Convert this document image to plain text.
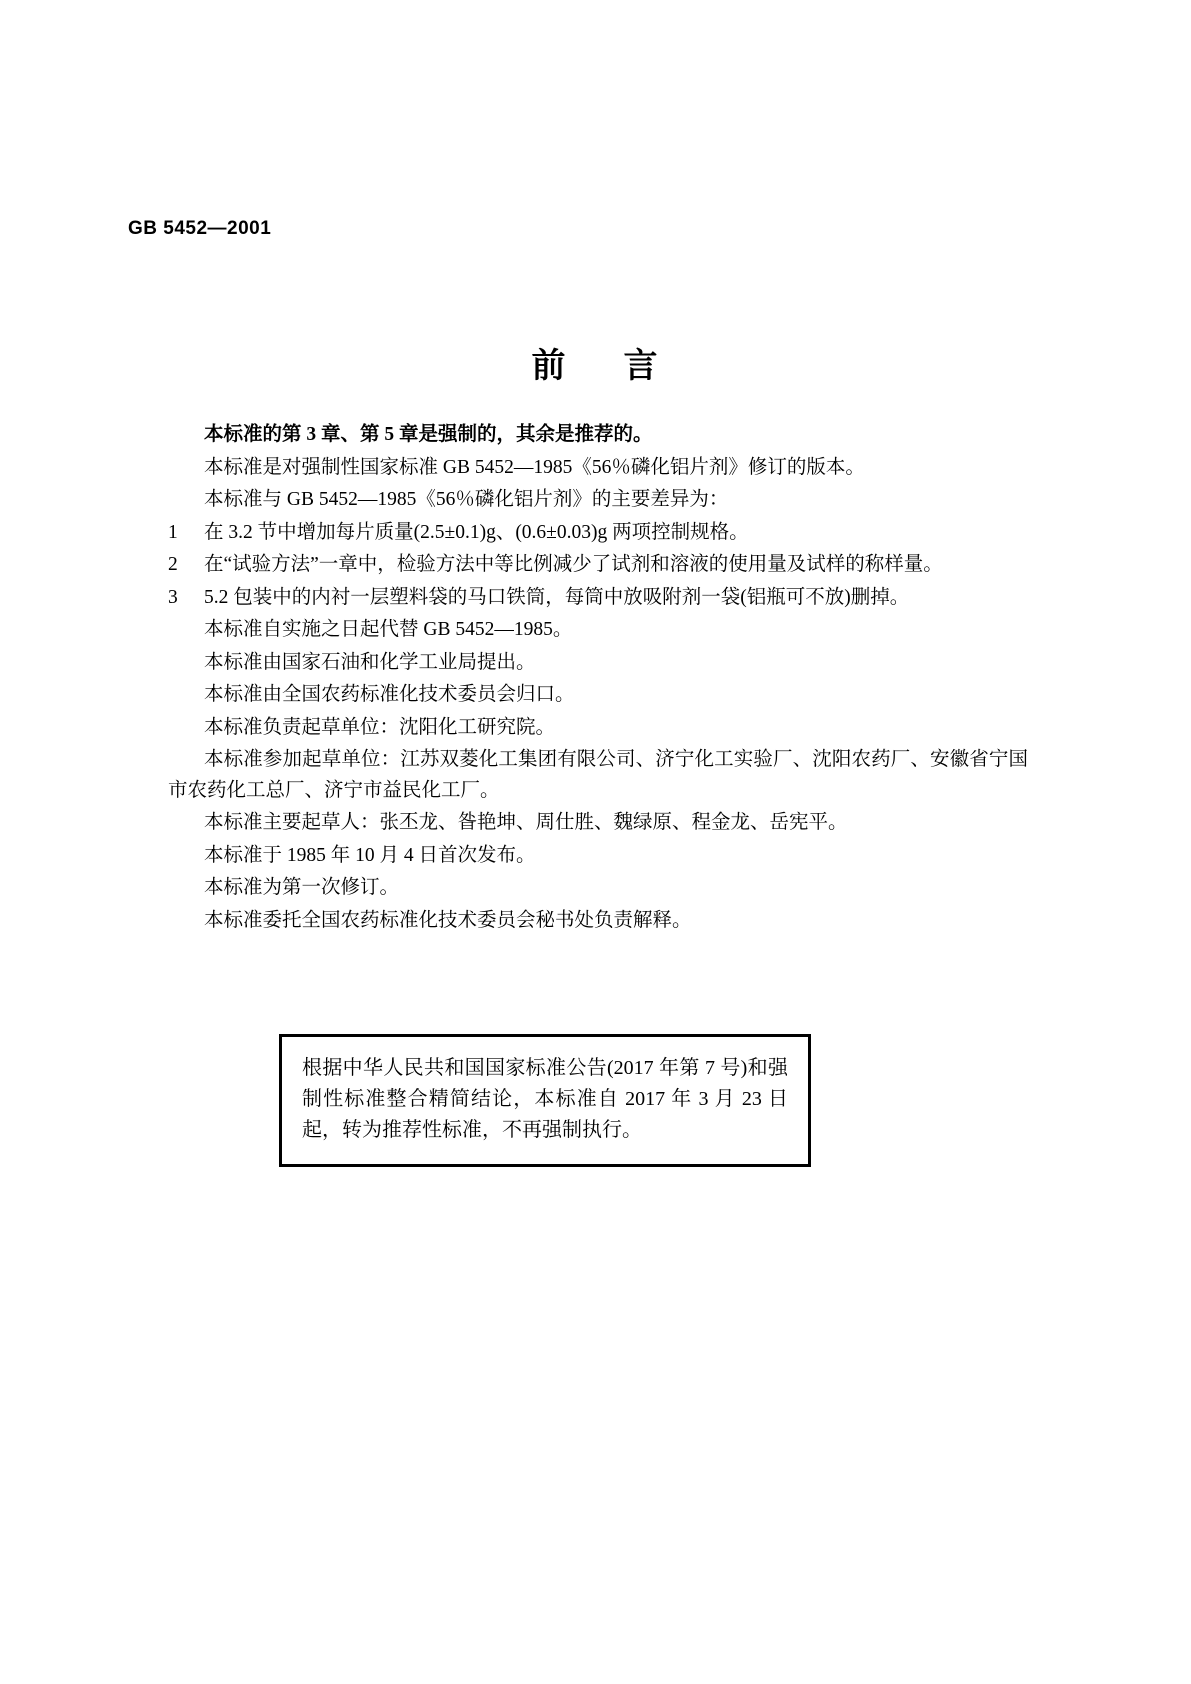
GB 5452—2001
前 言

本标准的第 3 章、第 5 章是强制的，其余是推荐的。

本标准是对强制性国家标准 GB 5452—1985《56％磷化铝片剂》修订的版本。

本标准与 GB 5452—1985《56％磷化铝片剂》的主要差异为：

1 在 3.2 节中增加每片质量(2.5±0.1)g、(0.6±0.03)g 两项控制规格。

2 在“试验方法”一章中，检验方法中等比例减少了试剂和溶液的使用量及试样的称样量。

3 5.2 包装中的内衬一层塑料袋的马口铁筒，每筒中放吸附剂一袋(铝瓶可不放)删掉。

本标准自实施之日起代替 GB 5452—1985。

本标准由国家石油和化学工业局提出。

本标准由全国农药标准化技术委员会归口。

本标准负责起草单位：沈阳化工研究院。

本标准参加起草单位：江苏双菱化工集团有限公司、济宁化工实验厂、沈阳农药厂、安徽省宁国市农药化工总厂、济宁市益民化工厂。

本标准主要起草人：张丕龙、昝艳坤、周仕胜、魏绿原、程金龙、岳宪平。

本标准于 1985 年 10 月 4 日首次发布。

本标准为第一次修订。

本标准委托全国农药标准化技术委员会秘书处负责解释。

根据中华人民共和国国家标准公告(2017 年第 7 号)和强制性标准整合精简结论，本标准自 2017 年 3 月 23 日起，转为推荐性标准，不再强制执行。
